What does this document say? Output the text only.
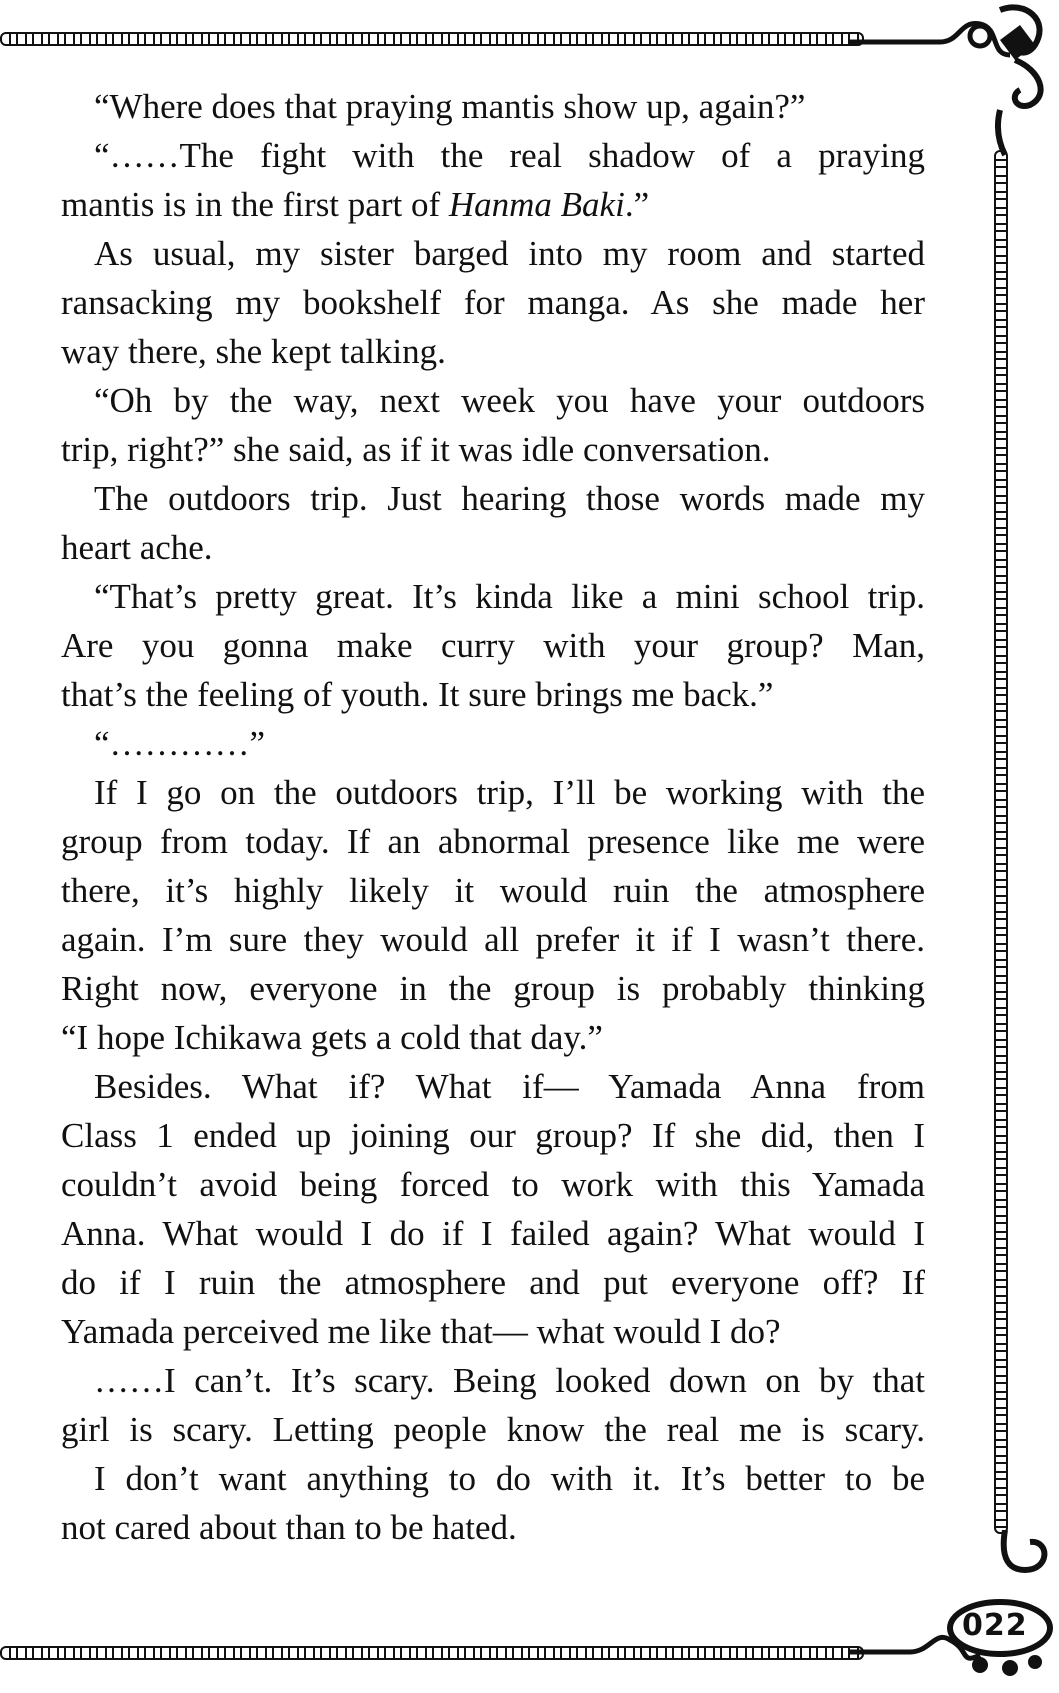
022
“Where does that praying mantis show up, again?”
“……The fight with the real shadow of a praying
mantis is in the first part of Hanma Baki.”
As usual, my sister barged into my room and started
ransacking my bookshelf for manga. As she made her
way there, she kept talking.
“Oh by the way, next week you have your outdoors
trip, right?” she said, as if it was idle conversation.
The outdoors trip. Just hearing those words made my
heart ache.
“That’s pretty great. It’s kinda like a mini school trip.
Are you gonna make curry with your group? Man,
that’s the feeling of youth. It sure brings me back.”
“…………”
If I go on the outdoors trip, I’ll be working with the
group from today. If an abnormal presence like me were
there, it’s highly likely it would ruin the atmosphere
again. I’m sure they would all prefer it if I wasn’t there.
Right now, everyone in the group is probably thinking
“I hope Ichikawa gets a cold that day.”
Besides. What if? What if— Yamada Anna from
Class 1 ended up joining our group? If she did, then I
couldn’t avoid being forced to work with this Yamada
Anna. What would I do if I failed again? What would I
do if I ruin the atmosphere and put everyone off? If
Yamada perceived me like that— what would I do?
……I can’t. It’s scary. Being looked down on by that
girl is scary. Letting people know the real me is scary.
I don’t want anything to do with it. It’s better to be
not cared about than to be hated.
